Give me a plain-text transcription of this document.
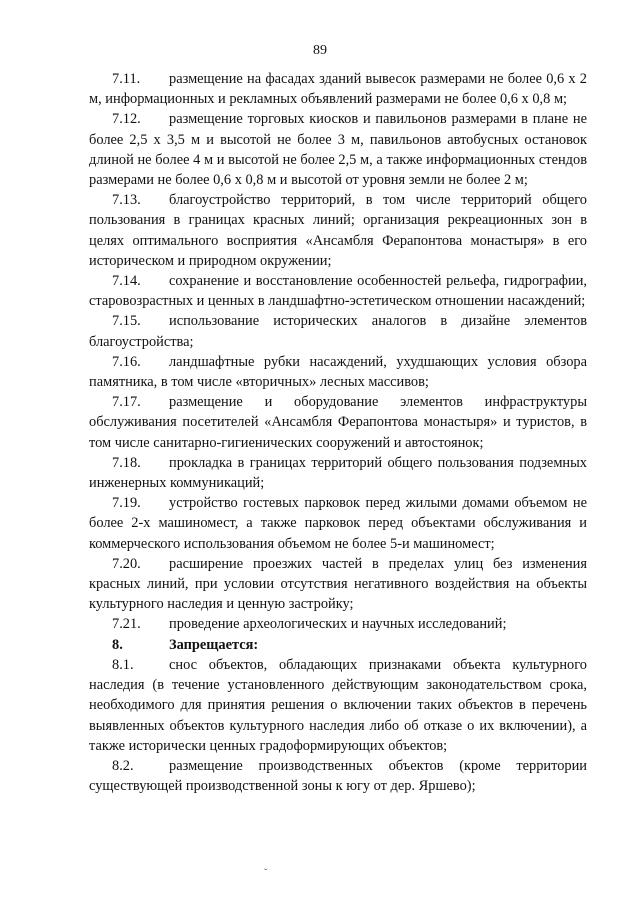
89

7.11. размещение на фасадах зданий вывесок размерами не более 0,6 х 2 м, информационных и рекламных объявлений размерами не более 0,6 х 0,8 м;

7.12. размещение торговых киосков и павильонов размерами в плане не более 2,5 х 3,5 м и высотой не более 3 м, павильонов автобусных остановок длиной не более 4 м и высотой не более 2,5 м, а также информационных стендов размерами не более 0,6 х 0,8 м и высотой от уровня земли не более 2 м;

7.13. благоустройство территорий, в том числе территорий общего пользования в границах красных линий; организация рекреационных зон в целях оптимального восприятия «Ансамбля Ферапонтова монастыря» в его историческом и природном окружении;

7.14. сохранение и восстановление особенностей рельефа, гидрографии, старовозрастных и ценных в ландшафтно-эстетическом отношении насаждений;

7.15. использование исторических аналогов в дизайне элементов благоустройства;

7.16. ландшафтные рубки насаждений, ухудшающих условия обзора памятника, в том числе «вторичных» лесных массивов;

7.17. размещение и оборудование элементов инфраструктуры обслуживания посетителей «Ансамбля Ферапонтова монастыря» и туристов, в том числе санитарно-гигиенических сооружений и автостоянок;

7.18. прокладка в границах территорий общего пользования подземных инженерных коммуникаций;

7.19. устройство гостевых парковок перед жилыми домами объемом не более 2-х машиномест, а также парковок перед объектами обслуживания и коммерческого использования объемом не более 5-и машиномест;

7.20. расширение проезжих частей в пределах улиц без изменения красных линий, при условии отсутствия негативного воздействия на объекты культурного наследия и ценную застройку;

7.21. проведение археологических и научных исследований;

8.	Запрещается:

8.1. снос объектов, обладающих признаками объекта культурного наследия (в течение установленного действующим законодательством срока, необходимого для принятия решения о включении таких объектов в перечень выявленных объектов культурного наследия либо об отказе о их включении), а также исторически ценных градоформирующих объектов;

8.2. размещение производственных объектов (кроме территории существующей производственной зоны к югу от дер. Яршево);

ˇ
